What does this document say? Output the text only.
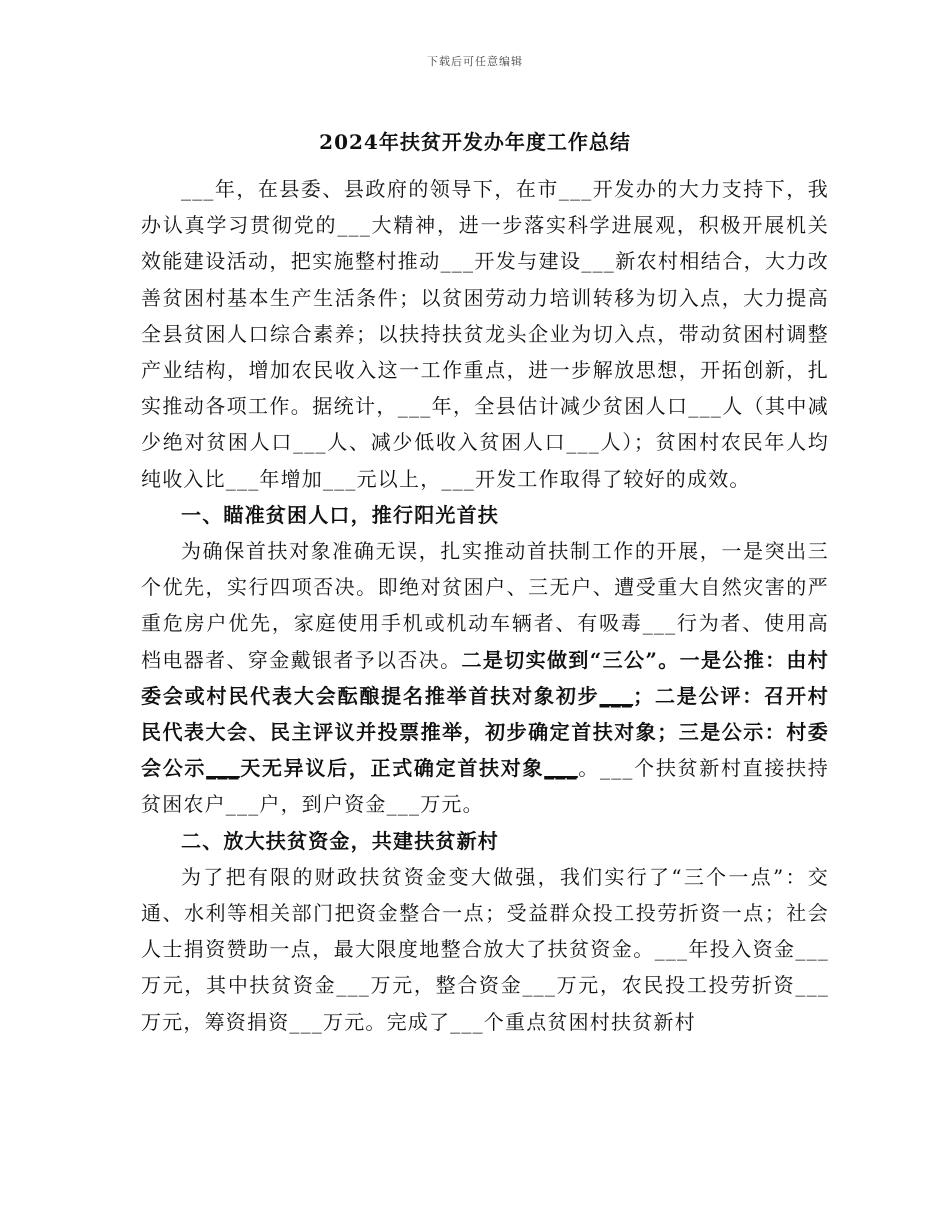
下载后可任意编辑
2024年扶贫开发办年度工作总结

___年，在县委、县政府的领导下，在市___开发办的大力支持下，我办认真学习贯彻党的___大精神，进一步落实科学进展观，积极开展机关效能建设活动，把实施整村推动___开发与建设___新农村相结合，大力改善贫困村基本生产生活条件；以贫困劳动力培训转移为切入点，大力提高全县贫困人口综合素养；以扶持扶贫龙头企业为切入点，带动贫困村调整产业结构，增加农民收入这一工作重点，进一步解放思想，开拓创新，扎实推动各项工作。据统计，___年，全县估计减少贫困人口___人（其中减少绝对贫困人口___人、减少低收入贫困人口___人）；贫困村农民年人均纯收入比___年增加___元以上，___开发工作取得了较好的成效。

一、瞄准贫困人口，推行阳光首扶

为确保首扶对象准确无误，扎实推动首扶制工作的开展，一是突出三个优先，实行四项否决。即绝对贫困户、三无户、遭受重大自然灾害的严重危房户优先，家庭使用手机或机动车辆者、有吸毒___行为者、使用高档电器者、穿金戴银者予以否决。二是切实做到“三公”。一是公推：由村委会或村民代表大会酝酿提名推举首扶对象初步___；二是公评：召开村民代表大会、民主评议并投票推举，初步确定首扶对象；三是公示：村委会公示___天无异议后，正式确定首扶对象___。___个扶贫新村直接扶持贫困农户___户，到户资金___万元。

二、放大扶贫资金，共建扶贫新村

为了把有限的财政扶贫资金变大做强，我们实行了“三个一点”：交通、水利等相关部门把资金整合一点；受益群众投工投劳折资一点；社会人士捐资赞助一点，最大限度地整合放大了扶贫资金。___年投入资金___万元，其中扶贫资金___万元，整合资金___万元，农民投工投劳折资___万元，筹资捐资___万元。完成了___个重点贫困村扶贫新村
